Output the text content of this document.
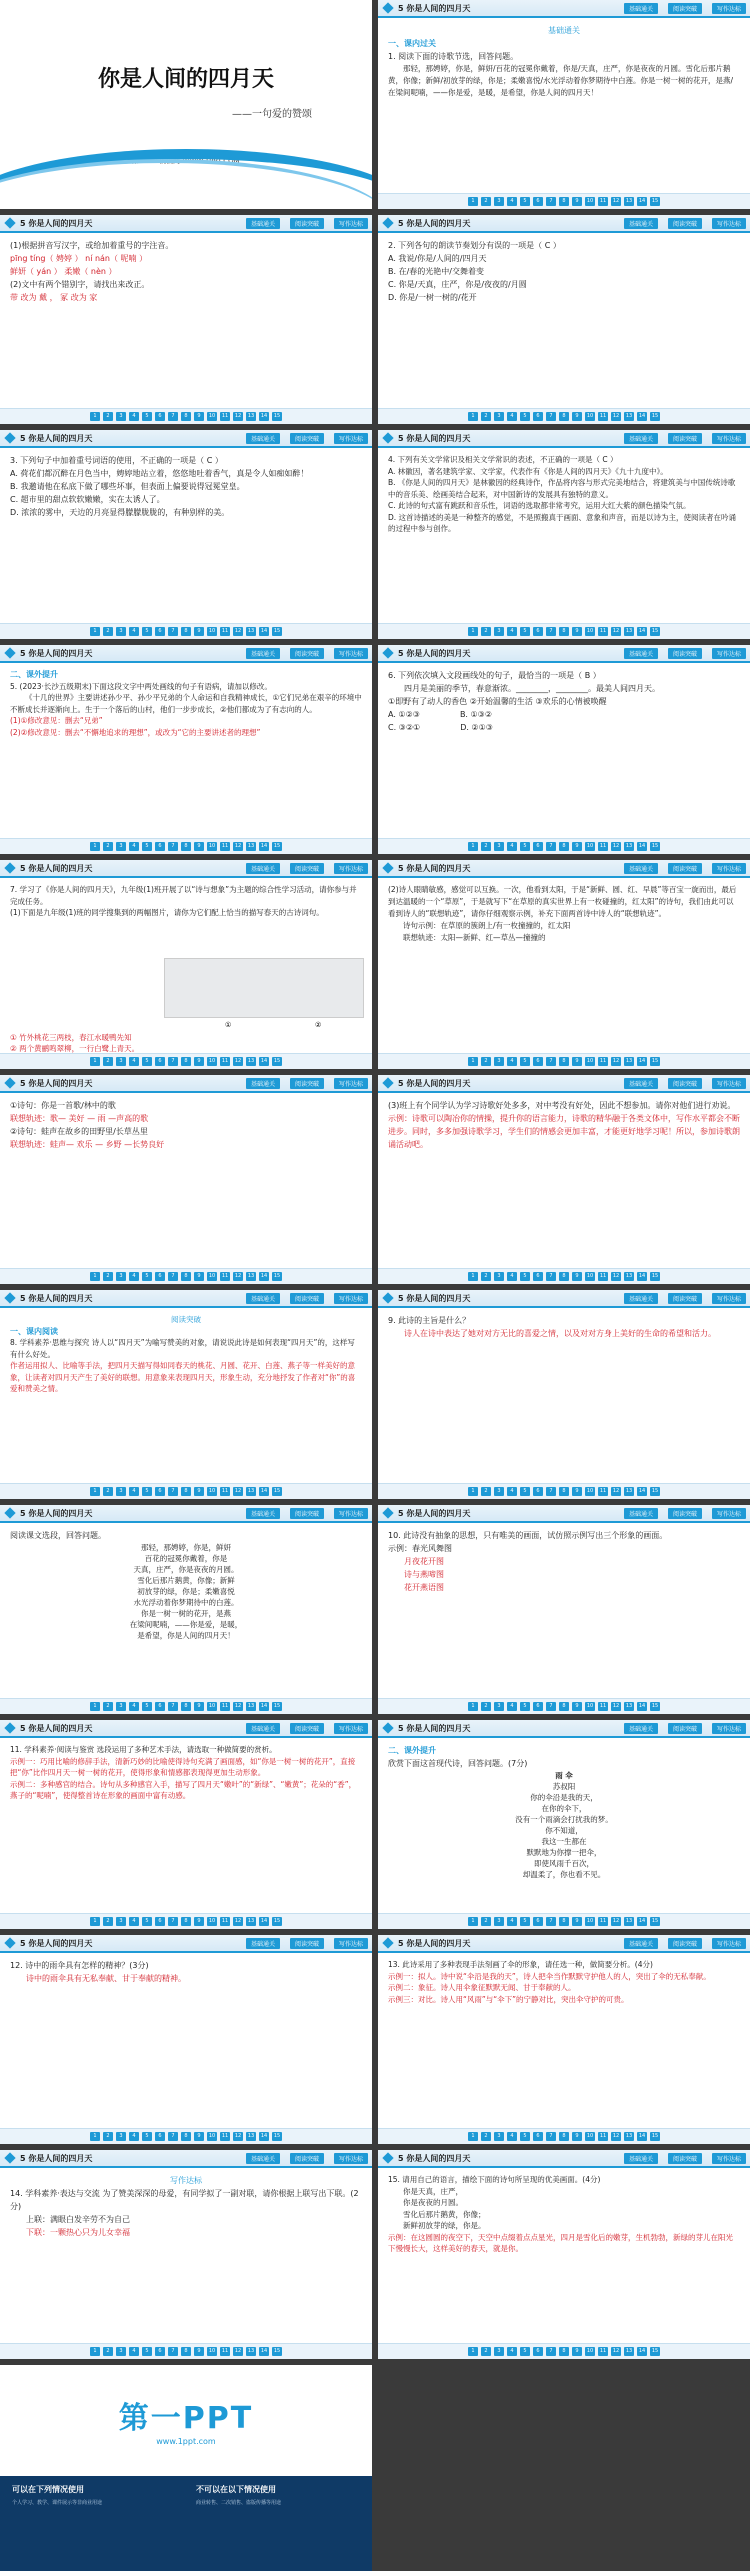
你是人间的四月天
——一句爱的赞颂
第一PPT模板网-WWW.1PPT.COM
5 你是人间的四月天	基础通关	阅读突破	写作达标
基础通关
一、课内过关
1. 阅读下面的诗歌节选，回答问题。
那轻，那娉婷，你是，鲜妍/百花的冠冕你戴着，你是/天真，庄严，你是夜夜的月圆。雪化后那片鹅黄，你像；新鲜/初放芽的绿，你是；柔嫩喜悦/水光浮动着你梦期待中白莲。你是一树一树的花开，是燕/在梁间呢喃，——你是爱，是暖，是希望，你是人间的四月天！
1	2	3	4	5	6	7	8	9	10	11	12	13	14	15
5 你是人间的四月天	基础通关	阅读突破	写作达标
(1)根据拼音写汉字，或给加着重号的字注音。
pīng tíng（ 娉婷 ） ní nán（ 呢喃 ）
鲜妍（ yán ） 柔嫩（ nèn ）
(2)文中有两个错别字，请找出来改正。
带 改为 戴 ， 冢 改为 家
1	2	3	4	5	6	7	8	9	10	11	12	13	14	15
5 你是人间的四月天	基础通关	阅读突破	写作达标
2. 下列各句的朗读节奏划分有误的一项是（ C ）
A. 我说/你是/人间的/四月天
B. 在/春的光艳中/交舞着变
C. 你是/天真，庄严，你是/夜夜的/月圆
D. 你是/一树一树的/花开
1	2	3	4	5	6	7	8	9	10	11	12	13	14	15
5 你是人间的四月天	基础通关	阅读突破	写作达标
3. 下列句子中加着重号词语的使用，不正确的一项是（ C ）
A. 荷花们都沉醉在月色当中，娉婷地站立着，悠悠地吐着香气，真是令人如痴如醉！
B. 我邀请他在私底下做了哪些坏事，但表面上偏要说得冠冕堂皇。
C. 超市里的甜点软软嫩嫩，实在太诱人了。
D. 浓浓的雾中，天边的月亮显得朦朦胧胧的，有种别样的美。
1	2	3	4	5	6	7	8	9	10	11	12	13	14	15
5 你是人间的四月天	基础通关	阅读突破	写作达标
4. 下列有关文学常识及相关文学常识的表述，不正确的一项是（ C ）
A. 林徽因，著名建筑学家、文学家，代表作有《你是人间的四月天》《九十九度中》。
B. 《你是人间的四月天》是林徽因的经典诗作，作品将内容与形式完美地结合，将建筑美与中国传统诗歌中的音乐美、绘画美结合起来，对中国新诗的发展具有独特的意义。
C. 此诗的句式富有跳跃和音乐性，词语的选取都非常考究，运用大红大紫的颜色描染气氛。
D. 这首诗描述的美是一种整齐的感觉，不是照搬真于画面、意象和声音，而是以诗为主，使阅读者在吟诵的过程中参与创作。
1	2	3	4	5	6	7	8	9	10	11	12	13	14	15
5 你是人间的四月天	基础通关	阅读突破	写作达标
二、课外提升
5. (2023·长沙五级期末)下面这段文字中两处画线的句子有语病，请加以修改。
《十几的世界》主要讲述孙少平、孙少平兄弟的个人命运和自我精神成长，①它们兄弟在艰辛的环境中不断成长并逐渐向上。生于一个落后的山村，他们一步步成长，②他们都成为了有志向的人。
(1)①修改意见：删去“兄弟”
(2)②修改意见：删去“不懈地追求的理想”，或改为“它的主要讲述者的理想”
1	2	3	4	5	6	7	8	9	10	11	12	13	14	15
5 你是人间的四月天	基础通关	阅读突破	写作达标
6. 下列依次填入文段画线处的句子，最恰当的一项是（ B ）
四月是美丽的季节，春意渐浓。________，________。最美人间四月天。
①即野有了动人的香色 ②开始温馨的生活 ③欢乐的心情被唤醒
A. ①②③	B. ①③②
C. ③②①	D. ②①③
1	2	3	4	5	6	7	8	9	10	11	12	13	14	15
5 你是人间的四月天	基础通关	阅读突破	写作达标
7. 学习了《你是人间的四月天》，九年级(1)班开展了以“诗与想象”为主题的综合性学习活动，请你参与并完成任务。
(1)下面是九年级(1)班的同学搜集到的两幅图片，请你为它们配上恰当的描写春天的古诗词句。
①	②
① 竹外桃花三两枝，春江水暖鸭先知
② 两个黄鹂鸣翠柳，一行白鹭上青天。
1	2	3	4	5	6	7	8	9	10	11	12	13	14	15
5 你是人间的四月天	基础通关	阅读突破	写作达标
(2)诗人眼睛敏感，感觉可以互换。一次，他看到太阳，于是“新鲜、圆、红、早晨”等百宝一旋而出，最后到达温暖的一个“草原”，于是就写下“在草原的真实世界上有一枚碰撞的，红太阳”的诗句，我们由此可以看到诗人的“联想轨迹”，请你仔细观察示例，补充下面两首诗中诗人的“联想轨迹”。
诗句示例：在草原的簇朗上/有一枚撞撞的，红太阳
联想轨迹：太阳—新鲜、红—草丛—撞撞的
1	2	3	4	5	6	7	8	9	10	11	12	13	14	15
5 你是人间的四月天	基础通关	阅读突破	写作达标
①诗句：你是一首歌/林中的歌
联想轨迹：歌— 美好 — 雨 —声高的歌
②诗句：蛙声在故乡的田野里/长草丛里
联想轨迹：蛙声— 欢乐 — 乡野 —长势良好
1	2	3	4	5	6	7	8	9	10	11	12	13	14	15
5 你是人间的四月天	基础通关	阅读突破	写作达标
(3)班上有个同学认为学习诗歌好处多多，对中考没有好处，因此不想参加。请你对他们进行劝说。
示例：诗歌可以陶冶你的情操，提升你的语言能力，诗歌的精华融于各类文体中，写作水平都会不断进步。同时，多多加强诗歌学习，学生们的情感会更加丰富，才能更好地学习呢！所以，参加诗歌朗诵活动吧。
1	2	3	4	5	6	7	8	9	10	11	12	13	14	15
5 你是人间的四月天	基础通关	阅读突破	写作达标
阅读突破
一、课内阅读
8. 学科素养·思维与探究 诗人以“四月天”为喻写赞美的对象，请说说此诗是如何表现“四月天”的，这样写有什么好处。
作者运用拟人、比喻等手法，把四月天描写得如同春天的桃花、月圆、花开、白莲、燕子等一样美好的意象，让读者对四月天产生了美好的联想。用意象来表现四月天，形象生动，充分地抒发了作者对“你”的喜爱和赞美之情。
1	2	3	4	5	6	7	8	9	10	11	12	13	14	15
5 你是人间的四月天	基础通关	阅读突破	写作达标
9. 此诗的主旨是什么？
诗人在诗中表达了她对对方无比的喜爱之情，以及对对方身上美好的生命的希望和活力。
1	2	3	4	5	6	7	8	9	10	11	12	13	14	15
5 你是人间的四月天	基础通关	阅读突破	写作达标
阅读课文选段，回答问题。
那轻，那娉婷，你是，鲜妍
百花的冠冕你戴着，你是
天真，庄严，你是夜夜的月圆。
雪化后那片鹅黄，你像；新鲜
初放芽的绿，你是；柔嫩喜悦
水光浮动着你梦期待中的白莲。
你是一树一树的花开，是燕
在梁间呢喃，——你是爱，是暖，
是希望，你是人间的四月天！
1	2	3	4	5	6	7	8	9	10	11	12	13	14	15
5 你是人间的四月天	基础通关	阅读突破	写作达标
10. 此诗没有抽象的思想，只有唯美的画面，试仿照示例写出三个形象的画面。
示例：春光风舞图
月夜花开图
诗与燕啼图
花开燕语图
1	2	3	4	5	6	7	8	9	10	11	12	13	14	15
5 你是人间的四月天	基础通关	阅读突破	写作达标
11. 学科素养·阅读与鉴赏 选段运用了多种艺术手法，请选取一种做简要的赏析。
示例一：巧用比喻的修辞手法，清新巧妙的比喻使得诗句充满了画面感，如“你是一树一树的花开”，直接把“你”比作四月天一树一树的花开，使得形象和情感都表现得更加生动形象。
示例二：多种感官的结合。诗句从多种感官入手，描写了四月天“嫩叶”的“新绿”、“嫩黄”；花朵的“香”，燕子的“呢喃”，使得整首诗在形象的画面中富有动感。
1	2	3	4	5	6	7	8	9	10	11	12	13	14	15
5 你是人间的四月天	基础通关	阅读突破	写作达标
二、课外提升
欣赏下面这首现代诗，回答问题。(7分)
雨 伞
苏叔阳
你的伞沿是我的天，
在你的伞下，
没有一个雨滴会打扰我的梦。
你不知道，
我这一生都在
默默地为你撑一把伞，
即使风雨千百次，
却温柔了，你也看不见。
1	2	3	4	5	6	7	8	9	10	11	12	13	14	15
5 你是人间的四月天	基础通关	阅读突破	写作达标
12. 诗中的雨伞具有怎样的精神？(3分)
诗中的雨伞具有无私奉献、甘于奉献的精神。
1	2	3	4	5	6	7	8	9	10	11	12	13	14	15
5 你是人间的四月天	基础通关	阅读突破	写作达标
13. 此诗采用了多种表现手法刻画了伞的形象，请任选一种，做简要分析。(4分)
示例一：拟人。诗中说“伞沿是我的天”，诗人把伞当作默默守护他人的人，突出了伞的无私奉献。
示例二：象征。诗人用伞象征默默无闻、甘于奉献的人。
示例三：对比。诗人用“风雨”与“伞下”的宁静对比，突出伞守护的可贵。
1	2	3	4	5	6	7	8	9	10	11	12	13	14	15
5 你是人间的四月天	基础通关	阅读突破	写作达标
写作达标
14. 学科素养·表达与交流 为了赞美深深的母爱，有同学拟了一副对联，请你根据上联写出下联。(2分)
上联：满眼白发辛劳不为自己
下联：一颗热心只为儿女幸福
1	2	3	4	5	6	7	8	9	10	11	12	13	14	15
5 你是人间的四月天	基础通关	阅读突破	写作达标
15. 请用自己的语言，描绘下面的诗句所呈现的优美画面。(4分)
你是天真，庄严，
你是夜夜的月圆。
雪化后那片鹅黄，你像；
新鲜初放芽的绿，你是。
示例：在这圆圆的夜空下，天空中点缀着点点星光，四月是雪化后的嫩芽，生机勃勃，新绿的芽儿在阳光下慢慢长大，这样美好的春天，就是你。
1	2	3	4	5	6	7	8	9	10	11	12	13	14	15
第一PPT
www.1ppt.com
可以在下列情况使用
个人学习、教学、课件展示等非商业用途
不可以在以下情况使用
商业转售、二次销售、盗版传播等用途
